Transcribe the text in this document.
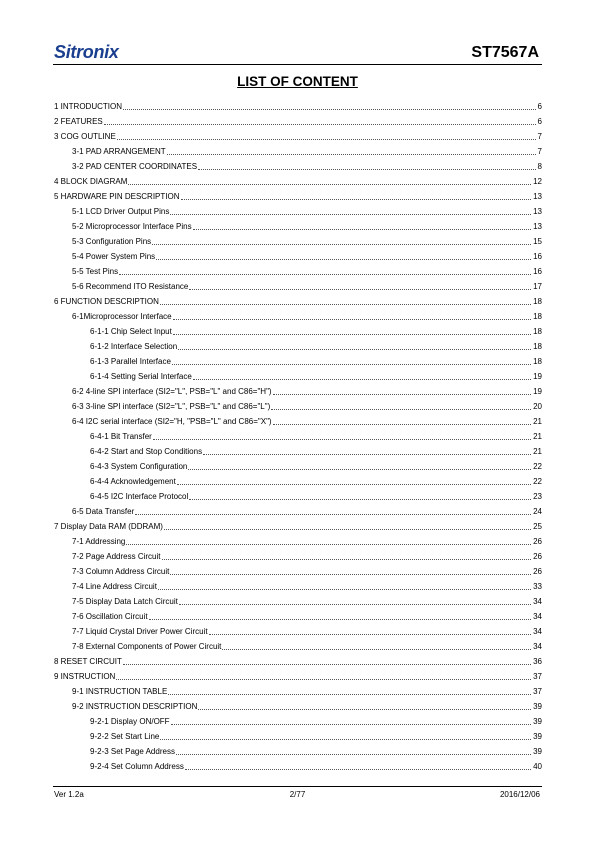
Sitronix	ST7567A
LIST OF CONTENT
1 INTRODUCTION	6
2 FEATURES	6
3 COG OUTLINE	7
3-1 PAD ARRANGEMENT	7
3-2 PAD CENTER COORDINATES	8
4 BLOCK DIAGRAM	12
5 HARDWARE PIN DESCRIPTION	13
5-1 LCD Driver Output Pins	13
5-2 Microprocessor Interface Pins	13
5-3 Configuration Pins	15
5-4 Power System Pins	16
5-5 Test Pins	16
5-6 Recommend ITO Resistance	17
6 FUNCTION DESCRIPTION	18
6-1Microprocessor Interface	18
6-1-1 Chip Select Input	18
6-1-2 Interface Selection	18
6-1-3 Parallel Interface	18
6-1-4 Setting Serial Interface	19
6-2 4-line SPI interface (SI2="L", PSB="L" and C86="H")	19
6-3 3-line SPI interface (SI2="L", PSB="L" and C86="L")	20
6-4 I2C serial interface (SI2="H, "PSB="L" and C86="X")	21
6-4-1 Bit Transfer	21
6-4-2 Start and Stop Conditions	21
6-4-3 System Configuration	22
6-4-4 Acknowledgement	22
6-4-5 I2C Interface Protocol	23
6-5 Data Transfer	24
7 Display Data RAM (DDRAM)	25
7-1 Addressing	26
7-2 Page Address Circuit	26
7-3 Column Address Circuit	26
7-4 Line Address Circuit	33
7-5 Display Data Latch Circuit	34
7-6 Oscillation Circuit	34
7-7 Liquid Crystal Driver Power Circuit	34
7-8 External Components of Power Circuit	34
8 RESET CIRCUIT	36
9 INSTRUCTION	37
9-1 INSTRUCTION TABLE	37
9-2 INSTRUCTION DESCRIPTION	39
9-2-1 Display ON/OFF	39
9-2-2 Set Start Line	39
9-2-3 Set Page Address	39
9-2-4 Set Column Address	40
Ver 1.2a	2/77	2016/12/06
